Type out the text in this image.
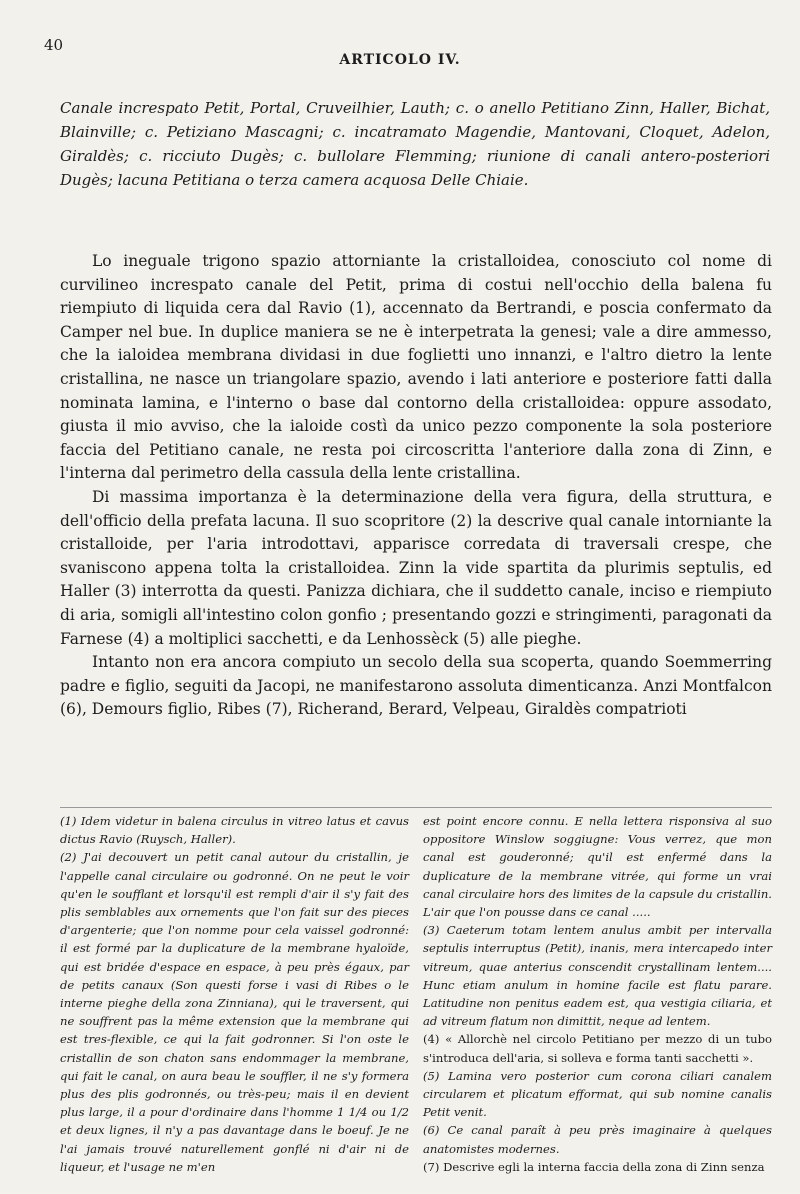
40
ARTICOLO IV.

Canale increspato Petit, Portal, Cruveilhier, Lauth; c. o anello Petitiano Zinn, Haller, Bichat, Blainville; c. Petiziano Mascagni; c. incatramato Magendie, Mantovani, Cloquet, Adelon, Giraldès; c. ricciuto Dugès; c. bullolare Flemming; riunione di canali antero-posteriori Dugès; lacuna Petitiana o terza camera acquosa Delle Chiaie.

Lo ineguale trigono spazio attorniante la cristalloidea, conosciuto col nome di curvilineo increspato canale del Petit, prima di costui nell'occhio della balena fu riempiuto di liquida cera dal Ravio (1), accennato da Bertrandi, e poscia confermato da Camper nel bue. In duplice maniera se ne è interpetrata la genesi; vale a dire ammesso, che la ialoidea membrana dividasi in due foglietti uno innanzi, e l'altro dietro la lente cristallina, ne nasce un triangolare spazio, avendo i lati anteriore e posteriore fatti dalla nominata lamina, e l'interno o base dal contorno della cristalloidea: oppure assodato, giusta il mio avviso, che la ialoide costì da unico pezzo componente la sola posteriore faccia del Petitiano canale, ne resta poi circoscritta l'anteriore dalla zona di Zinn, e l'interna dal perimetro della cassula della lente cristallina.

Di massima importanza è la determinazione della vera figura, della struttura, e dell'officio della prefata lacuna. Il suo scopritore (2) la descrive qual canale intorniante la cristalloide, per l'aria introdottavi, apparisce corredata di traversali crespe, che svaniscono appena tolta la cristalloidea. Zinn la vide spartita da plurimis septulis, ed Haller (3) interrotta da questi. Panizza dichiara, che il suddetto canale, inciso e riempiuto di aria, somigli all'intestino colon gonfio ; presentando gozzi e stringimenti, paragonati da Farnese (4) a moltiplici sacchetti, e da Lenhossèck (5) alle pieghe.

Intanto non era ancora compiuto un secolo della sua scoperta, quando Soemmerring padre e figlio, seguiti da Jacopi, ne manifestarono assoluta dimenticanza. Anzi Montfalcon (6), Demours figlio, Ribes (7), Richerand, Berard, Velpeau, Giraldès compatrioti

(1) Idem videtur in balena circulus in vitreo latus et cavus dictus Ravio (Ruysch, Haller).

(2) J'ai decouvert un petit canal autour du cristallin, je l'appelle canal circulaire ou godronné. On ne peut le voir qu'en le soufflant et lorsqu'il est rempli d'air il s'y fait des plis semblables aux ornements que l'on fait sur des pieces d'argenterie; que l'on nomme pour cela vaissel godronné: il est formé par la duplicature de la membrane hyaloïde, qui est bridée d'espace en espace, à peu près égaux, par de petits canaux (Son questi forse i vasi di Ribes o le interne pieghe della zona Zinniana), qui le traversent, qui ne souffrent pas la même extension que la membrane qui est tres-flexible, ce qui la fait godronner. Si l'on oste le cristallin de son chaton sans endommager la membrane, qui fait le canal, on aura beau le souffler, il ne s'y formera plus des plis godronnés, ou très-peu; mais il en devient plus large, il a pour d'ordinaire dans l'homme 1 1/4 ou 1/2 et deux lignes, il n'y a pas davantage dans le boeuf. Je ne l'ai jamais trouvé naturellement gonflé ni d'air ni de liqueur, et l'usage ne m'en

est point encore connu. E nella lettera risponsiva al suo oppositore Winslow soggiugne: Vous verrez, que mon canal est gouderonné; qu'il est enfermé dans la duplicature de la membrane vitrée, qui forme un vrai canal circulaire hors des limites de la capsule du cristallin. L'air que l'on pousse dans ce canal .....

(3) Caeterum totam lentem anulus ambit per intervalla septulis interruptus (Petit), inanis, mera intercapedo inter vitreum, quae anterius conscendit crystallinam lentem.... Hunc etiam anulum in homine facile est flatu parare. Latitudine non penitus eadem est, qua vestigia ciliaria, et ad vitreum flatum non dimittit, neque ad lentem.

(4) « Allorchè nel circolo Petitiano per mezzo di un tubo s'introduca dell'aria, si solleva e forma tanti sacchetti ».

(5) Lamina vero posterior cum corona ciliari canalem circularem et plicatum efformat, qui sub nomine canalis Petit venit.

(6) Ce canal paraît à peu près imaginaire à quelques anatomistes modernes.

(7) Descrive egli la interna faccia della zona di Zinn senza
